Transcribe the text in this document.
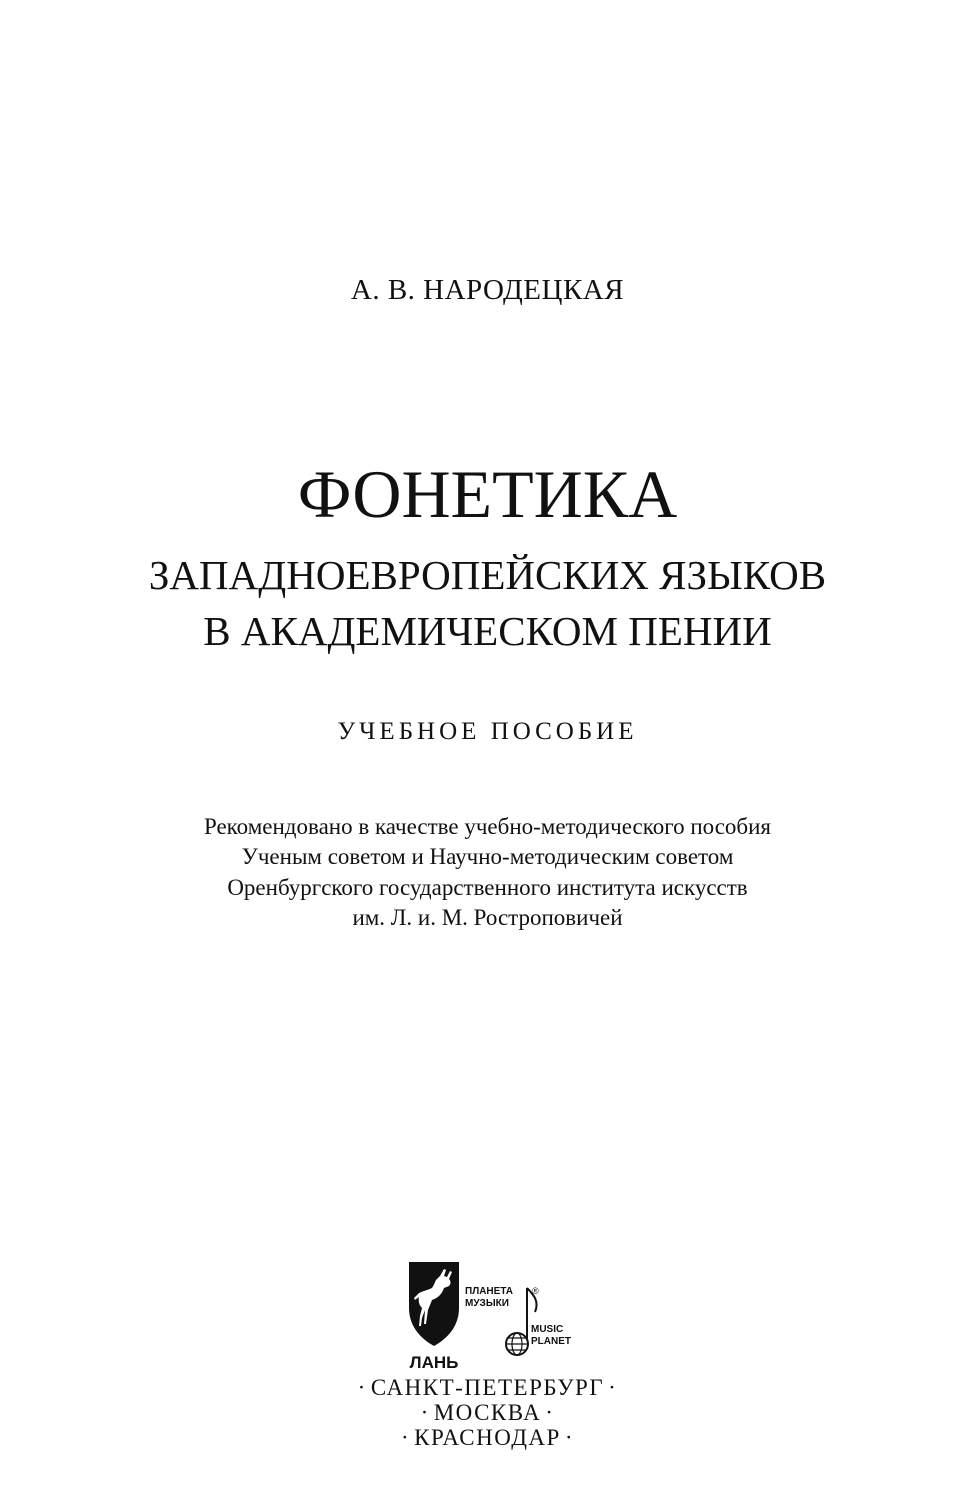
А. В. НАРОДЕЦКАЯ
ФОНЕТИКА
ЗАПАДНОЕВРОПЕЙСКИХ ЯЗЫКОВ
В АКАДЕМИЧЕСКОМ ПЕНИИ
УЧЕБНОЕ ПОСОБИЕ
Рекомендовано в качестве учебно-методического пособия
Ученым советом и Научно-методическим советом
Оренбургского государственного института искусств
им. Л. и. М. Ростроповичей
ЛАНЬ
ПЛАНЕТА
МУЗЫКИ
®
MUSIC
PLANET
· САНКТ-ПЕТЕРБУРГ ·
· МОСКВА ·
· КРАСНОДАР ·
